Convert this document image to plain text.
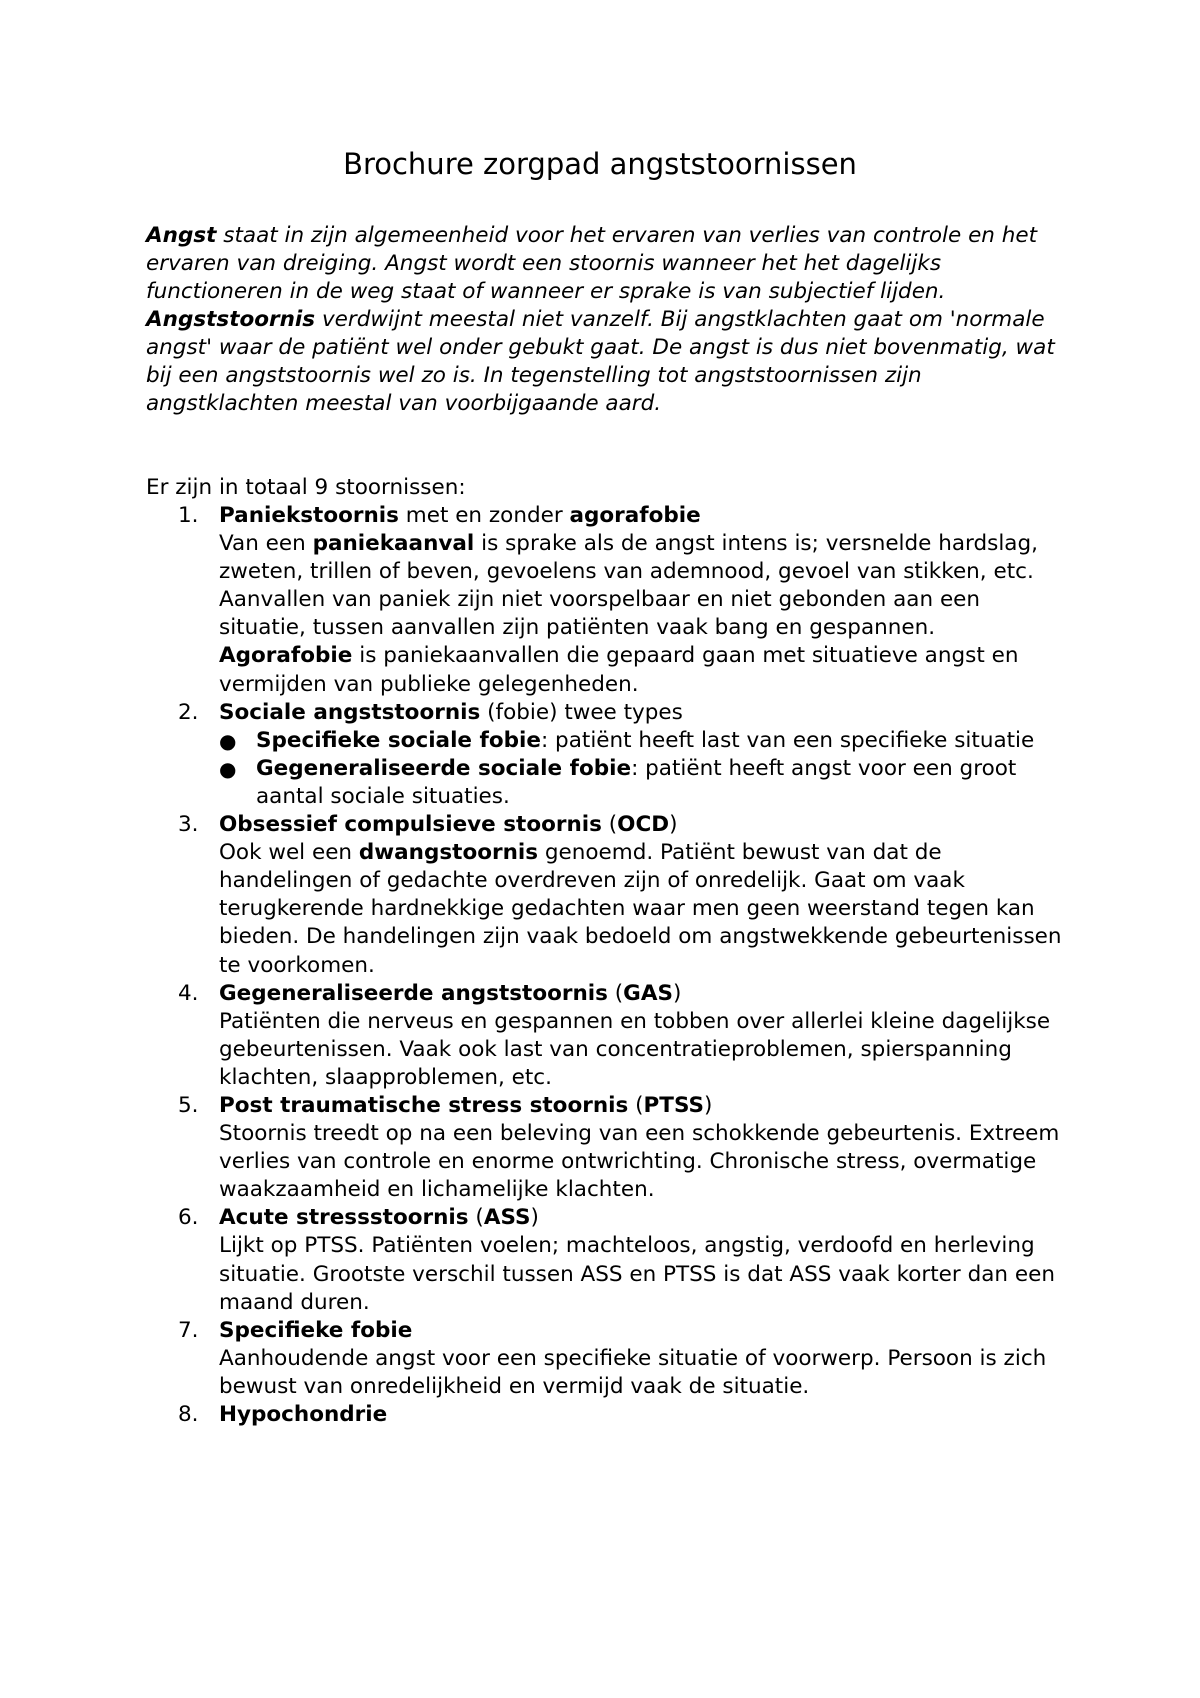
Brochure zorgpad angststoornissen

Angst staat in zijn algemeenheid voor het ervaren van verlies van controle en het ervaren van dreiging. Angst wordt een stoornis wanneer het het dagelijks functioneren in de weg staat of wanneer er sprake is van subjectief lijden. Angststoornis verdwijnt meestal niet vanzelf. Bij angstklachten gaat om 'normale angst' waar de patiënt wel onder gebukt gaat. De angst is dus niet bovenmatig, wat bij een angststoornis wel zo is. In tegenstelling tot angststoornissen zijn angstklachten meestal van voorbijgaande aard.

Er zijn in totaal 9 stoornissen:
1. Paniekstoornis met en zonder agorafobie
Van een paniekaanval is sprake als de angst intens is; versnelde hardslag, zweten, trillen of beven, gevoelens van ademnood, gevoel van stikken, etc.
Aanvallen van paniek zijn niet voorspelbaar en niet gebonden aan een situatie, tussen aanvallen zijn patiënten vaak bang en gespannen. Agorafobie is paniekaanvallen die gepaard gaan met situatieve angst en vermijden van publieke gelegenheden.
2. Sociale angststoornis (fobie) twee types
● Specifieke sociale fobie: patiënt heeft last van een specifieke situatie
● Gegeneraliseerde sociale fobie: patiënt heeft angst voor een groot aantal sociale situaties.
3. Obsessief compulsieve stoornis (OCD)
Ook wel een dwangstoornis genoemd. Patiënt bewust van dat de handelingen of gedachte overdreven zijn of onredelijk. Gaat om vaak terugkerende hardnekkige gedachten waar men geen weerstand tegen kan bieden. De handelingen zijn vaak bedoeld om angstwekkende gebeurtenissen te voorkomen.
4. Gegeneraliseerde angststoornis (GAS)
Patiënten die nerveus en gespannen en tobben over allerlei kleine dagelijkse gebeurtenissen. Vaak ook last van concentratieproblemen, spierspanning klachten, slaapproblemen, etc.
5. Post traumatische stress stoornis (PTSS)
Stoornis treedt op na een beleving van een schokkende gebeurtenis. Extreem verlies van controle en enorme ontwrichting. Chronische stress, overmatige waakzaamheid en lichamelijke klachten.
6. Acute stressstoornis (ASS)
Lijkt op PTSS. Patiënten voelen; machteloos, angstig, verdoofd en herleving situatie. Grootste verschil tussen ASS en PTSS is dat ASS vaak korter dan een maand duren.
7. Specifieke fobie
Aanhoudende angst voor een specifieke situatie of voorwerp. Persoon is zich bewust van onredelijkheid en vermijd vaak de situatie.
8. Hypochondrie
